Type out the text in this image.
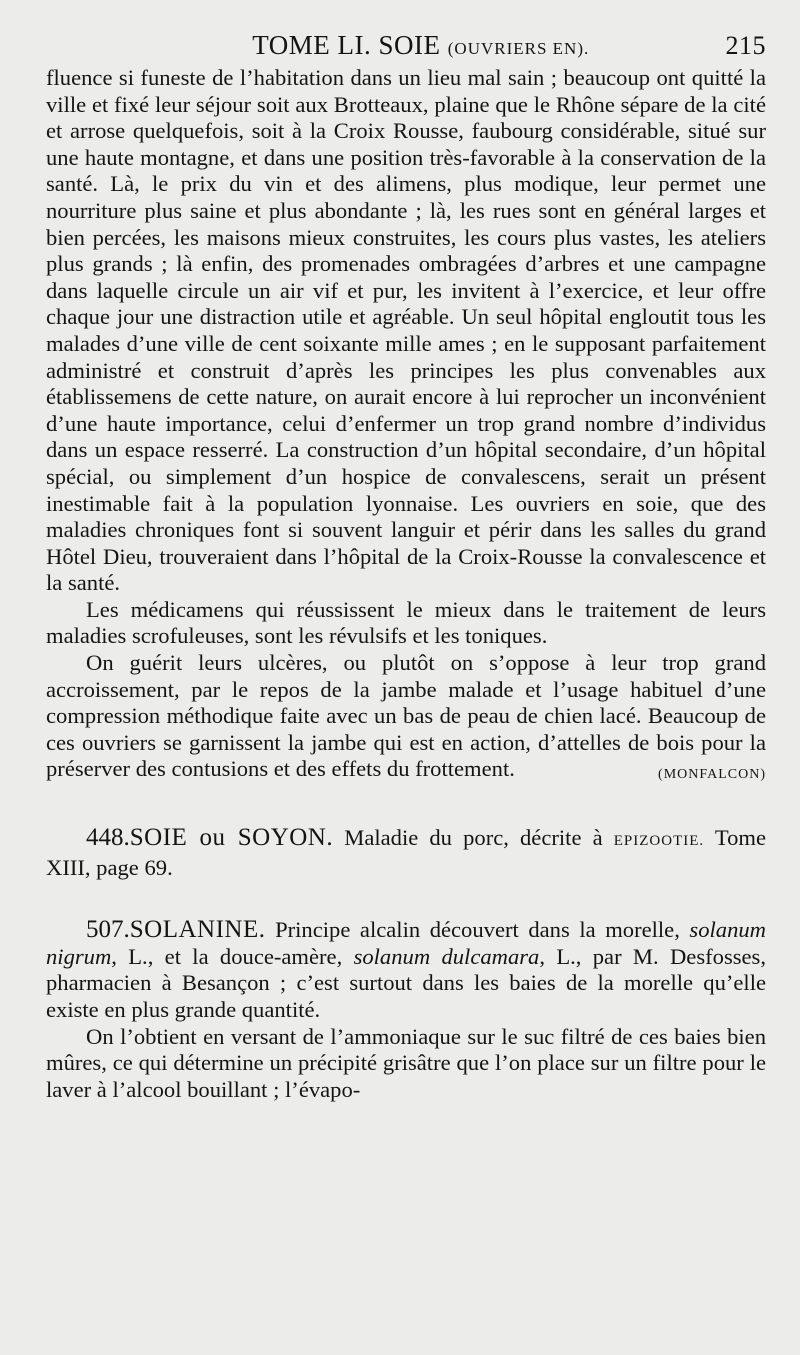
TOME LI. SOIE (OUVRIERS EN).	215

fluence si funeste de l’habitation dans un lieu mal sain ; beaucoup ont quitté la ville et fixé leur séjour soit aux Brotteaux, plaine que le Rhône sépare de la cité et arrose quelquefois, soit à la Croix Rousse, faubourg considérable, situé sur une haute montagne, et dans une position très-favorable à la conservation de la santé. Là, le prix du vin et des alimens, plus modique, leur permet une nourriture plus saine et plus abondante ; là, les rues sont en général larges et bien percées, les maisons mieux construites, les cours plus vastes, les ateliers plus grands ; là enfin, des promenades ombragées d’arbres et une campagne dans laquelle circule un air vif et pur, les invitent à l’exercice, et leur offre chaque jour une distraction utile et agréable. Un seul hôpital engloutit tous les malades d’une ville de cent soixante mille ames ; en le supposant parfaitement administré et construit d’après les principes les plus convenables aux établissemens de cette nature, on aurait encore à lui reprocher un inconvénient d’une haute importance, celui d’enfermer un trop grand nombre d’individus dans un espace resserré. La construction d’un hôpital secondaire, d’un hôpital spécial, ou simplement d’un hospice de convalescens, serait un présent inestimable fait à la population lyonnaise. Les ouvriers en soie, que des maladies chroniques font si souvent languir et périr dans les salles du grand Hôtel Dieu, trouveraient dans l’hôpital de la Croix-Rousse la convalescence et la santé.

Les médicamens qui réussissent le mieux dans le traitement de leurs maladies scrofuleuses, sont les révulsifs et les toniques.

On guérit leurs ulcères, ou plutôt on s’oppose à leur trop grand accroissement, par le repos de la jambe malade et l’usage habituel d’une compression méthodique faite avec un bas de peau de chien lacé. Beaucoup de ces ouvriers se garnissent la jambe qui est en action, d’attelles de bois pour la préserver des contusions et des effets du frottement.	(MONFALCON)

448.SOIE ou SOYON. Maladie du porc, décrite à EPIZOOTIE. Tome XIII, page 69.

507.SOLANINE. Principe alcalin découvert dans la morelle, solanum nigrum, L., et la douce-amère, solanum dulcamara, L., par M. Desfosses, pharmacien à Besançon ; c’est surtout dans les baies de la morelle qu’elle existe en plus grande quantité.

On l’obtient en versant de l’ammoniaque sur le suc filtré de ces baies bien mûres, ce qui détermine un précipité grisâtre que l’on place sur un filtre pour le laver à l’alcool bouillant ; l’évapo-
